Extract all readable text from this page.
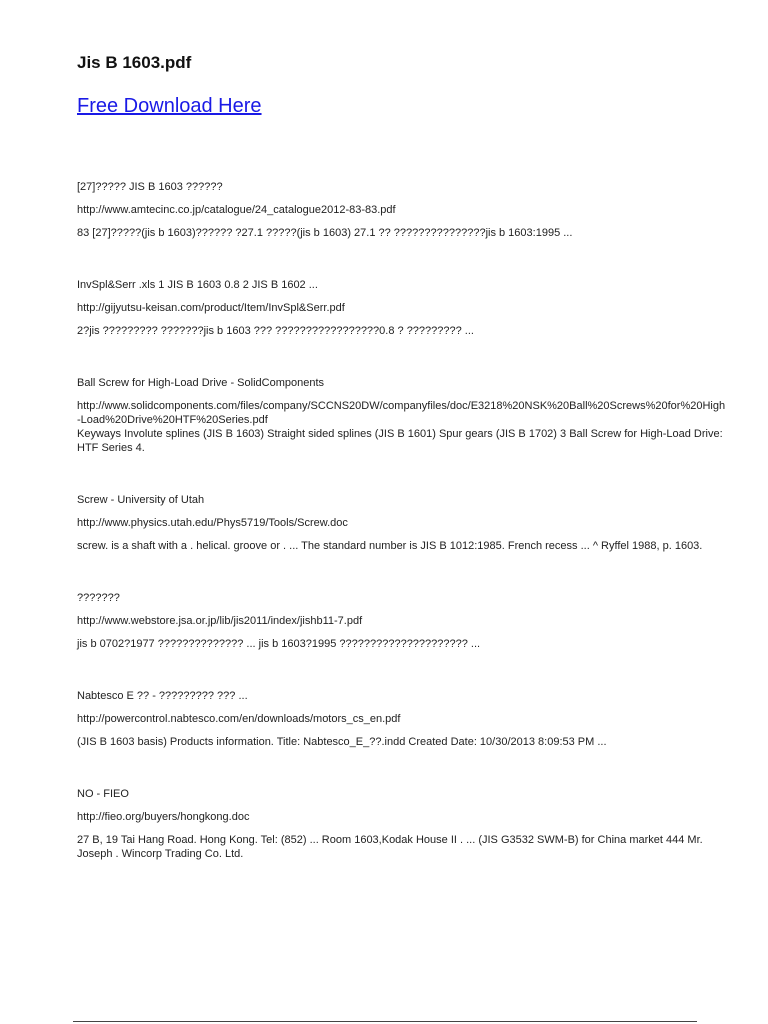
Jis B 1603.pdf
Free Download Here

[27]????? JIS B 1603 ??????

http://www.amtecinc.co.jp/catalogue/24_catalogue2012-83-83.pdf

83 [27]?????(jis b 1603)?????? ?27.1 ?????(jis b 1603) 27.1 ?? ???????????????jis b 1603:1995 ...

InvSpl&Serr .xls 1 JIS B 1603 0.8 2 JIS B 1602 ...

http://gijyutsu-keisan.com/product/Item/InvSpl&Serr.pdf

2?jis ????????? ???????jis b 1603 ??? ?????????????????0.8 ? ????????? ...

Ball Screw for High-Load Drive - SolidComponents

http://www.solidcomponents.com/files/company/SCCNS20DW/companyfiles/doc/E3218%20NSK%20Ball%20Screws%20for%20High-Load%20Drive%20HTF%20Series.pdf

Keyways Involute splines (JIS B 1603) Straight sided splines (JIS B 1601) Spur gears (JIS B 1702) 3 Ball Screw for High-Load Drive: HTF Series 4.

Screw - University of Utah

http://www.physics.utah.edu/Phys5719/Tools/Screw.doc

screw. is a shaft with a . helical. groove or . ... The standard number is JIS B 1012:1985. French recess ... ^ Ryffel 1988, p. 1603.

???????

http://www.webstore.jsa.or.jp/lib/jis2011/index/jishb11-7.pdf

jis b 0702?1977 ?????????????? ... jis b 1603?1995 ????????????????????? ...

Nabtesco E ?? - ????????? ??? ...

http://powercontrol.nabtesco.com/en/downloads/motors_cs_en.pdf

(JIS B 1603 basis) Products information. Title: Nabtesco_E_??.indd Created Date: 10/30/2013 8:09:53 PM ...

NO - FIEO

http://fieo.org/buyers/hongkong.doc

27 B, 19 Tai Hang Road. Hong Kong. Tel: (852) ... Room 1603,Kodak House II . ... (JIS G3532 SWM-B) for China market 444 Mr. Joseph . Wincorp Trading Co. Ltd.
